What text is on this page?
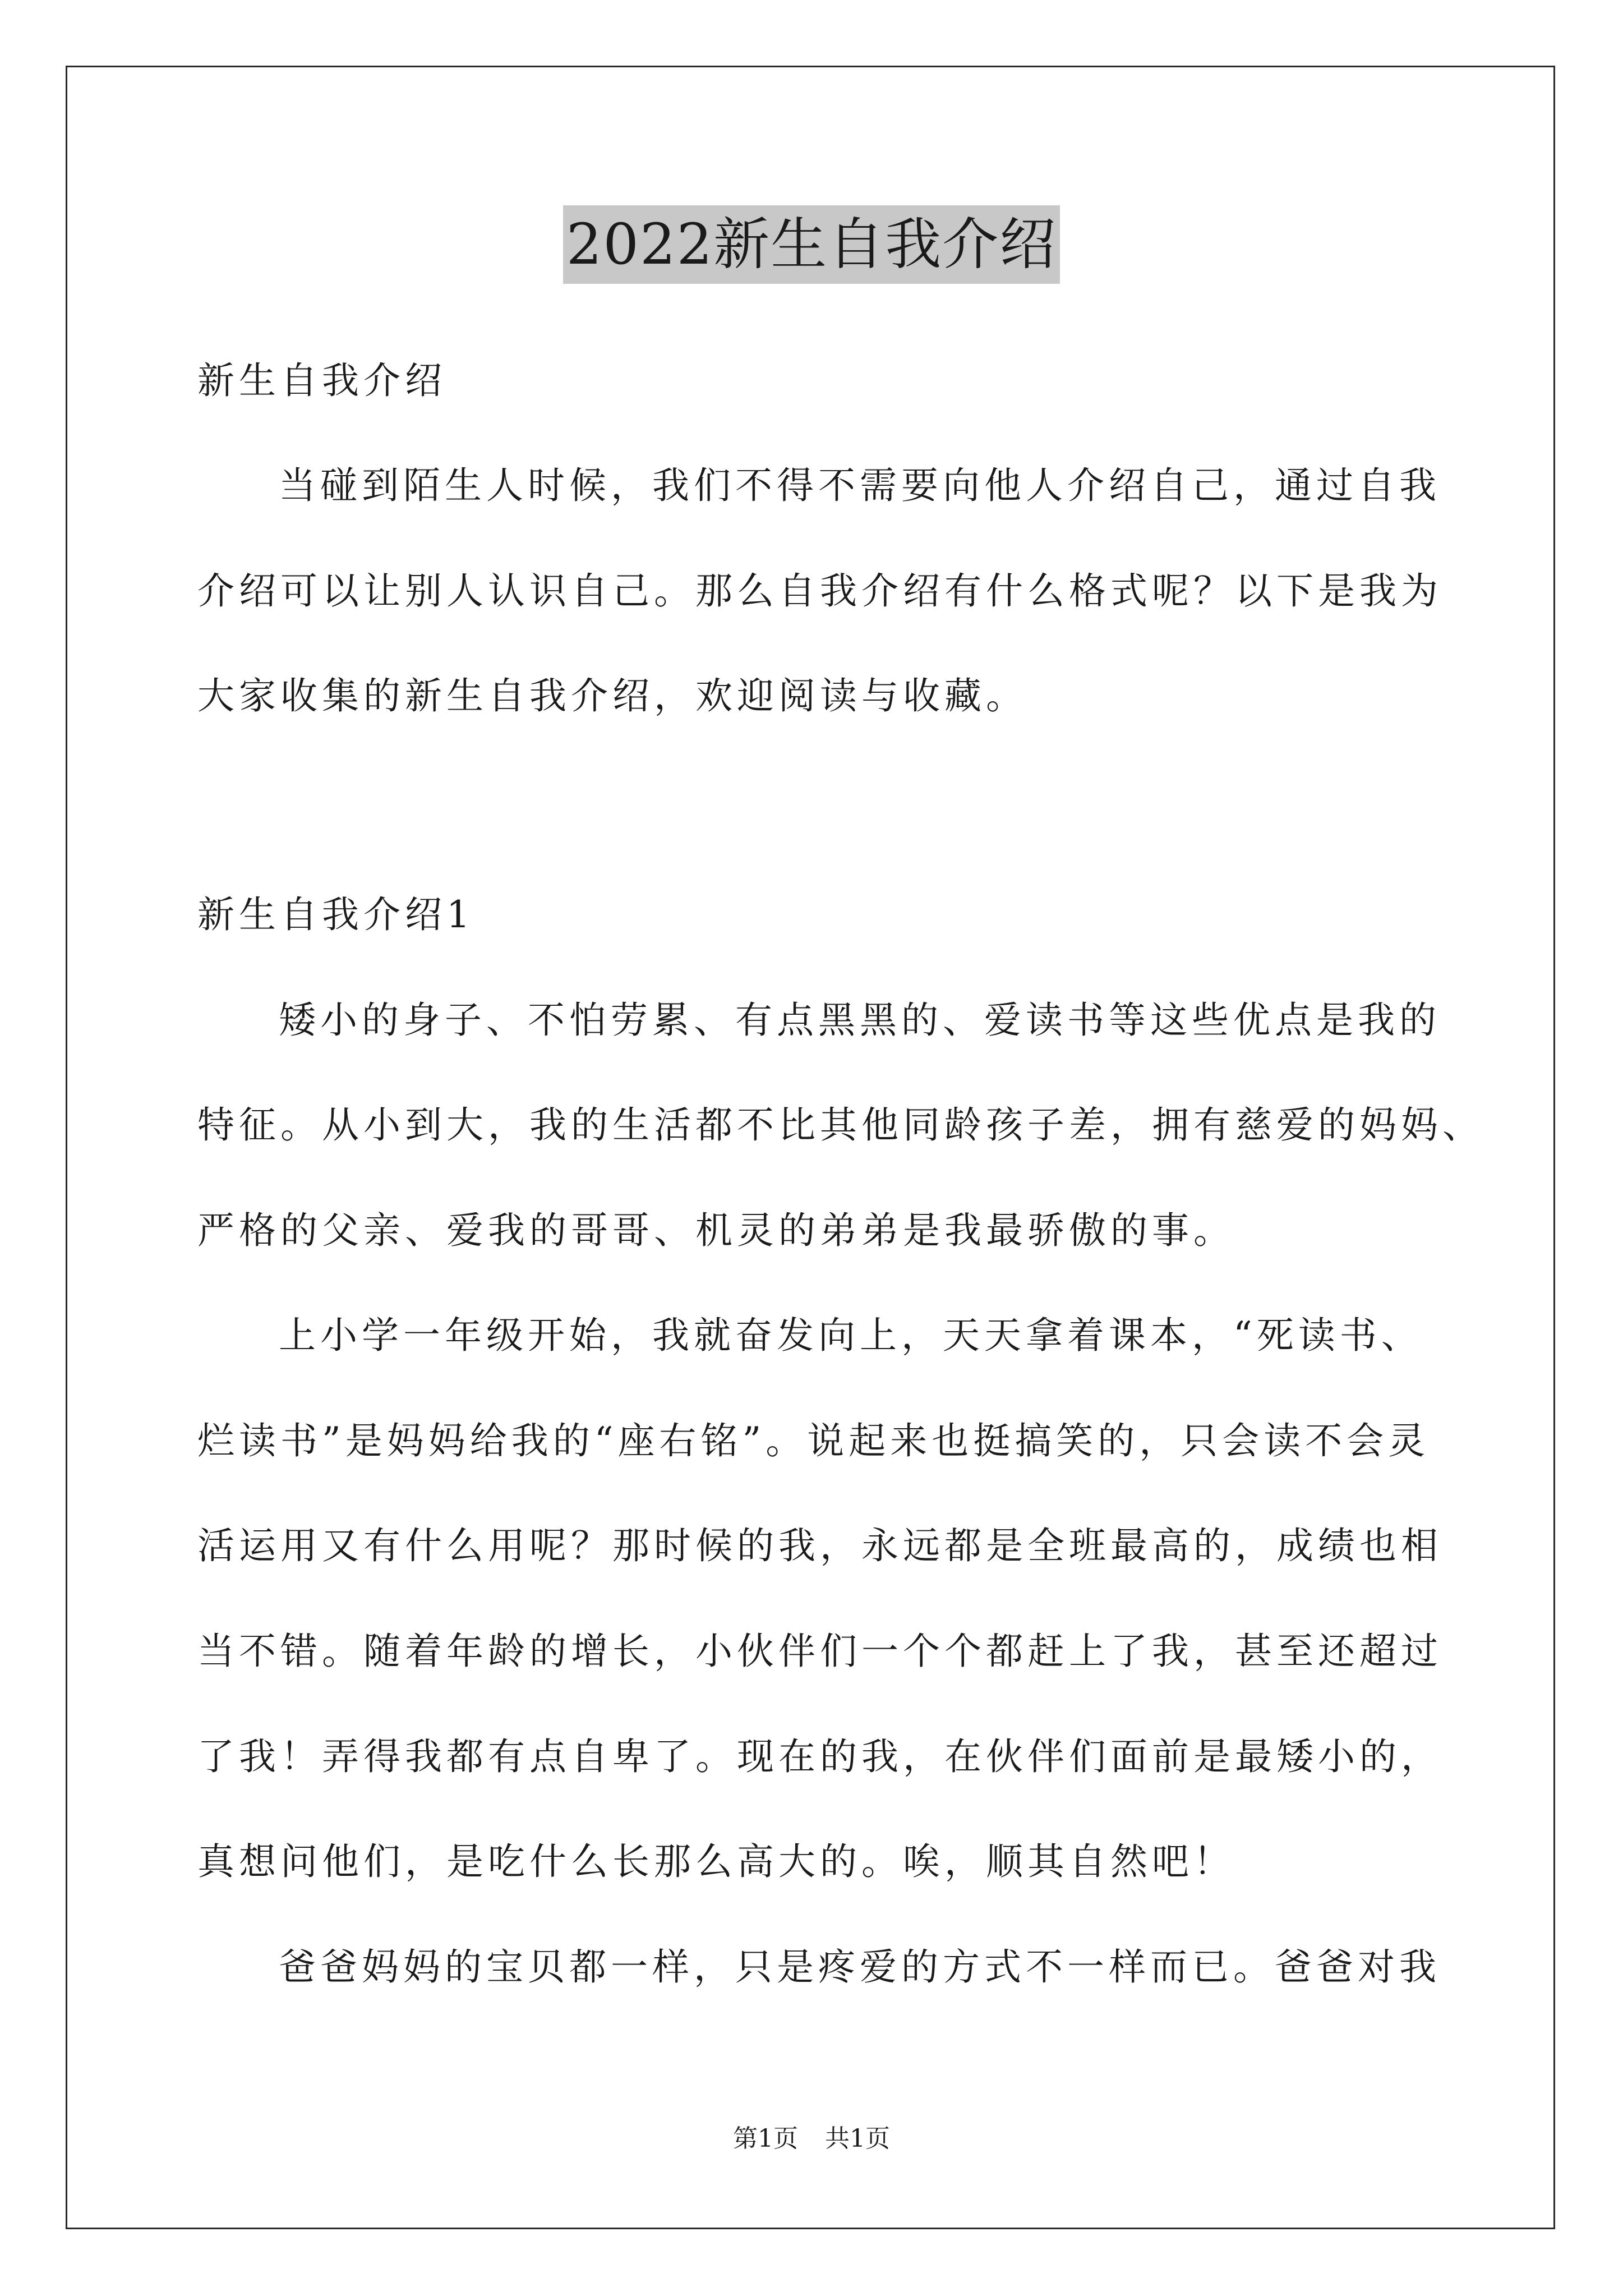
2022新生自我介绍
新生自我介绍
当碰到陌生人时候，我们不得不需要向他人介绍自己，通过自我
介绍可以让别人认识自己。那么自我介绍有什么格式呢？以下是我为
大家收集的新生自我介绍，欢迎阅读与收藏。
新生自我介绍1
矮小的身子、不怕劳累、有点黑黑的、爱读书等这些优点是我的
特征。从小到大，我的生活都不比其他同龄孩子差，拥有慈爱的妈妈、
严格的父亲、爱我的哥哥、机灵的弟弟是我最骄傲的事。
上小学一年级开始，我就奋发向上，天天拿着课本，“死读书、
烂读书”是妈妈给我的“座右铭”。说起来也挺搞笑的，只会读不会灵
活运用又有什么用呢？那时候的我，永远都是全班最高的，成绩也相
当不错。随着年龄的增长，小伙伴们一个个都赶上了我，甚至还超过
了我！弄得我都有点自卑了。现在的我，在伙伴们面前是最矮小的，
真想问他们，是吃什么长那么高大的。唉，顺其自然吧！
爸爸妈妈的宝贝都一样，只是疼爱的方式不一样而已。爸爸对我
第1页 共1页
